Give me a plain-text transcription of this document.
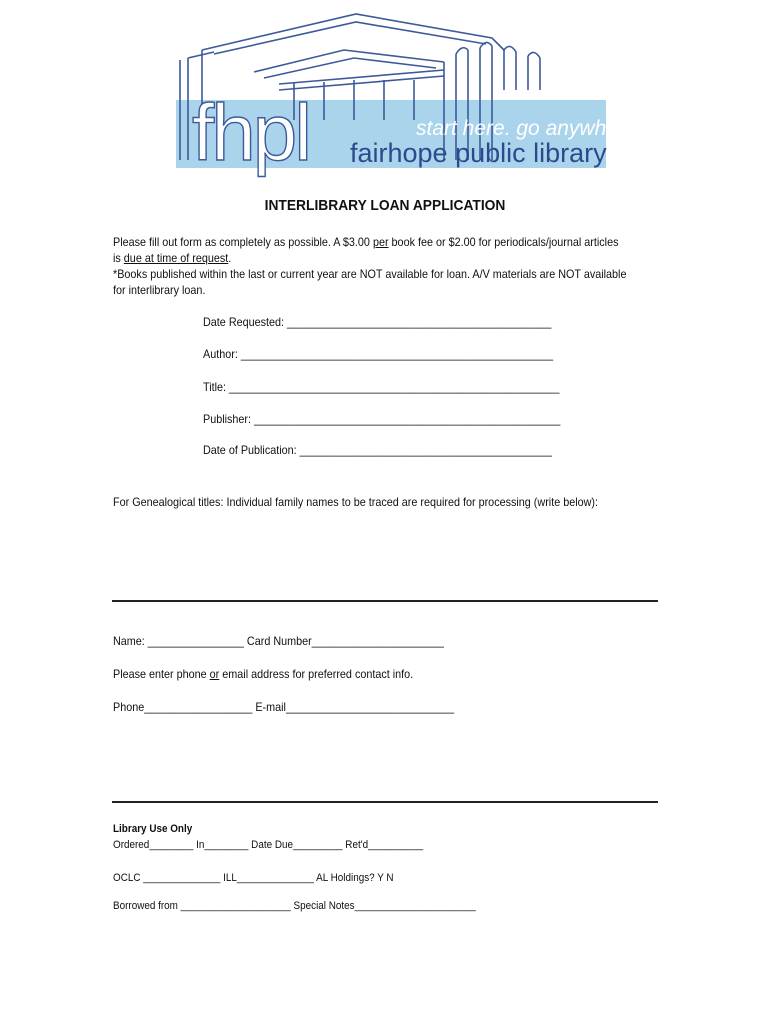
fhpl	start here. go anywhere.
fairhope public library
INTERLIBRARY LOAN APPLICATION
Please fill out form as completely as possible. A $3.00 per book fee or $2.00 for periodicals/journal articles
is due at time of request.
*Books published within the last or current year are NOT available for loan. A/V materials are NOT available
for interlibrary loan.
Date Requested: ____________________________________________
Author: ____________________________________________________
Title: _______________________________________________________
Publisher: ___________________________________________________
Date of Publication: __________________________________________
For Genealogical titles: Individual family names to be traced are required for processing (write below):
Name: ________________ Card Number______________________
Please enter phone or email address for preferred contact info.
Phone__________________ E-mail____________________________
Library Use Only
Ordered________ In________ Date Due_________ Ret'd__________
OCLC ______________ ILL______________ AL Holdings? Y N
Borrowed from ____________________ Special Notes______________________
